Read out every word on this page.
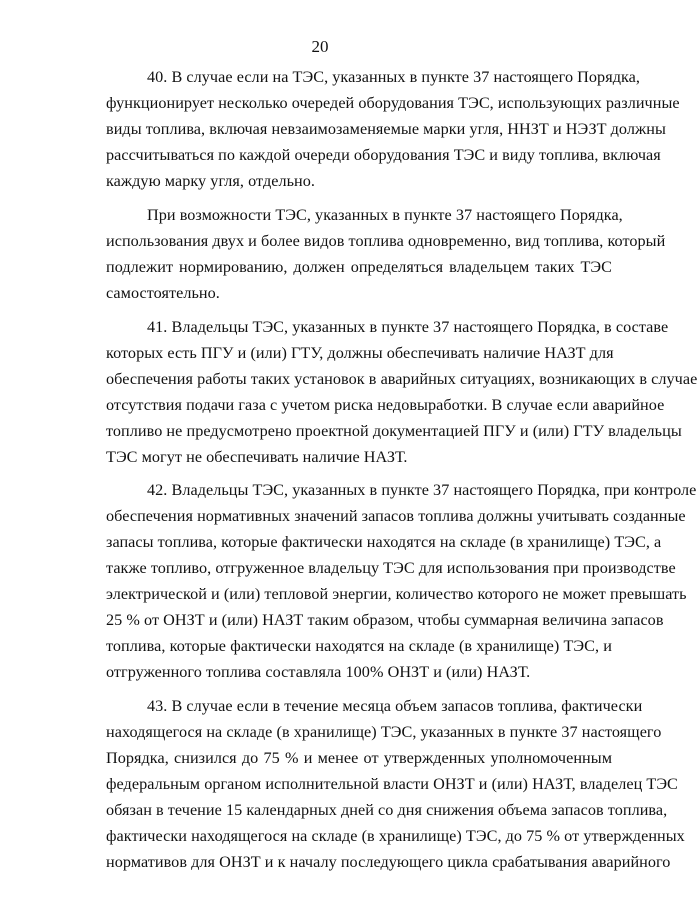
20
40. В случае если на ТЭС, указанных в пункте 37 настоящего Порядка,
функционирует несколько очередей оборудования ТЭС, использующих различные
виды топлива, включая невзаимозаменяемые марки угля, ННЗТ и НЭЗТ должны
рассчитываться по каждой очереди оборудования ТЭС и виду топлива, включая
каждую марку угля, отдельно.
При возможности ТЭС, указанных в пункте 37 настоящего Порядка,
использования двух и более видов топлива одновременно, вид топлива, который
подлежит нормированию, должен определяться владельцем таких ТЭС
самостоятельно.
41. Владельцы ТЭС, указанных в пункте 37 настоящего Порядка, в составе
которых есть ПГУ и (или) ГТУ, должны обеспечивать наличие НАЗТ для
обеспечения работы таких установок в аварийных ситуациях, возникающих в случае
отсутствия подачи газа с учетом риска недовыработки. В случае если аварийное
топливо не предусмотрено проектной документацией ПГУ и (или) ГТУ владельцы
ТЭС могут не обеспечивать наличие НАЗТ.
42. Владельцы ТЭС, указанных в пункте 37 настоящего Порядка, при контроле
обеспечения нормативных значений запасов топлива должны учитывать созданные
запасы топлива, которые фактически находятся на складе (в хранилище) ТЭС, а
также топливо, отгруженное владельцу ТЭС для использования при производстве
электрической и (или) тепловой энергии, количество которого не может превышать
25 % от ОНЗТ и (или) НАЗТ таким образом, чтобы суммарная величина запасов
топлива, которые фактически находятся на складе (в хранилище) ТЭС, и
отгруженного топлива составляла 100% ОНЗТ и (или) НАЗТ.
43. В случае если в течение месяца объем запасов топлива, фактически
находящегося на складе (в хранилище) ТЭС, указанных в пункте 37 настоящего
Порядка, снизился до 75 % и менее от утвержденных уполномоченным
федеральным органом исполнительной власти ОНЗТ и (или) НАЗТ, владелец ТЭС
обязан в течение 15 календарных дней со дня снижения объема запасов топлива,
фактически находящегося на складе (в хранилище) ТЭС, до 75 % от утвержденных
нормативов для ОНЗТ и к началу последующего цикла срабатывания аварийного
